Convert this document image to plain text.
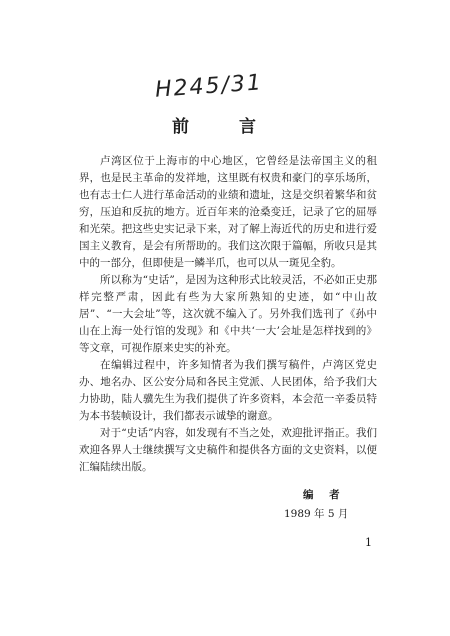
H245/31
前 言

卢湾区位于上海市的中心地区，它曾经是法帝国主义的租界，也是民主革命的发祥地，这里既有权贵和豪门的享乐场所，也有志士仁人进行革命活动的业绩和遗址，这是交织着繁华和贫穷，压迫和反抗的地方。近百年来的沧桑变迁，记录了它的屈辱和光荣。把这些史实记录下来，对了解上海近代的历史和进行爱国主义教育，是会有所帮助的。我们这次限于篇幅，所收只是其中的一部分，但即使是一鳞半爪，也可以从一斑见全豹。

所以称为“史话”，是因为这种形式比较灵活，不必如正史那样完整严肃，因此有些为大家所熟知的史迹，如“中山故居”、“一大会址”等，这次就不编入了。另外我们选刊了《孙中山在上海一处行馆的发现》和《中共‘一大’会址是怎样找到的》等文章，可视作原来史实的补充。

在编辑过程中，许多知情者为我们撰写稿件，卢湾区党史办、地名办、区公安分局和各民主党派、人民团体，给予我们大力协助，陆人骥先生为我们提供了许多资料，本会范一辛委员特为本书装帧设计，我们都表示诚挚的谢意。

对于“史话”内容，如发现有不当之处，欢迎批评指正。我们欢迎各界人士继续撰写文史稿件和提供各方面的文史资料，以便汇编陆续出版。

编 者
1989 年 5 月
1
